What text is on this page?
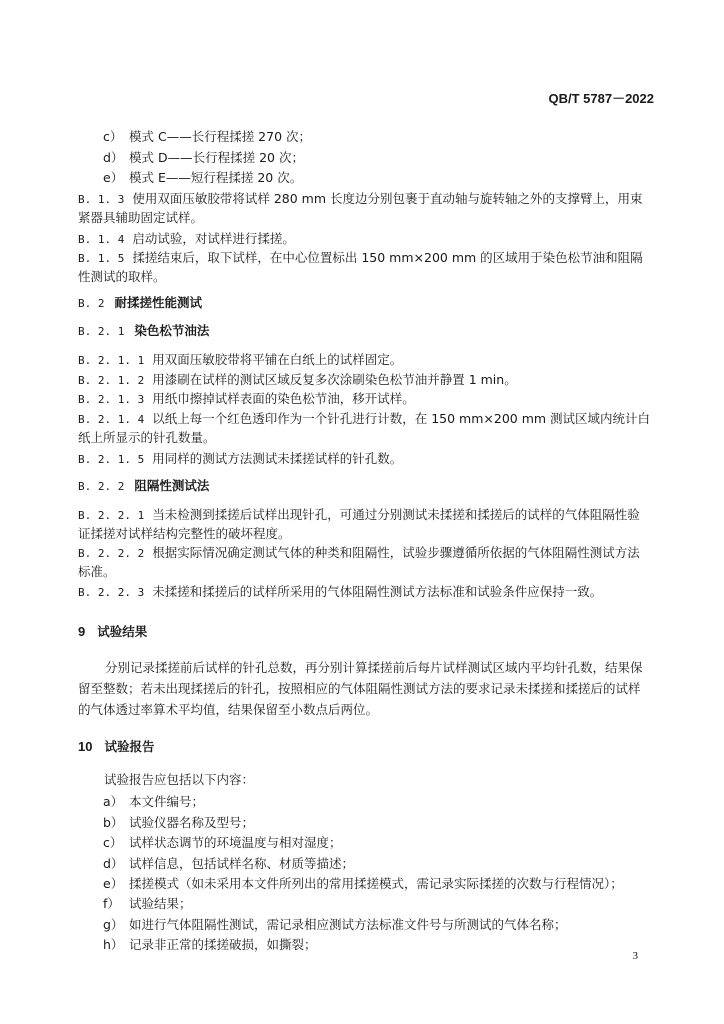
QB/T 5787－2022
c） 模式 C——长行程揉搓 270 次；
d） 模式 D——长行程揉搓 20 次；
e） 模式 E——短行程揉搓 20 次。
B. 1. 3 使用双面压敏胶带将试样 280 mm 长度边分别包裹于直动轴与旋转轴之外的支撑臂上，用束紧器具辅助固定试样。
B. 1. 4 启动试验，对试样进行揉搓。
B. 1. 5 揉搓结束后，取下试样，在中心位置标出 150 mm×200 mm 的区域用于染色松节油和阻隔性测试的取样。
B. 2 耐揉搓性能测试
B. 2. 1 染色松节油法
B. 2. 1. 1 用双面压敏胶带将平铺在白纸上的试样固定。
B. 2. 1. 2 用漆刷在试样的测试区域反复多次涂刷染色松节油并静置 1 min。
B. 2. 1. 3 用纸巾擦掉试样表面的染色松节油，移开试样。
B. 2. 1. 4 以纸上每一个红色透印作为一个针孔进行计数，在 150 mm×200 mm 测试区域内统计白纸上所显示的针孔数量。
B. 2. 1. 5 用同样的测试方法测试未揉搓试样的针孔数。
B. 2. 2 阻隔性测试法
B. 2. 2. 1 当未检测到揉搓后试样出现针孔，可通过分别测试未揉搓和揉搓后的试样的气体阻隔性验证揉搓对试样结构完整性的破坏程度。
B. 2. 2. 2 根据实际情况确定测试气体的种类和阻隔性，试验步骤遵循所依据的气体阻隔性测试方法标准。
B. 2. 2. 3 未揉搓和揉搓后的试样所采用的气体阻隔性测试方法标准和试验条件应保持一致。
9 试验结果
分别记录揉搓前后试样的针孔总数，再分别计算揉搓前后每片试样测试区域内平均针孔数，结果保留至整数；若未出现揉搓后的针孔，按照相应的气体阻隔性测试方法的要求记录未揉搓和揉搓后的试样的气体透过率算术平均值，结果保留至小数点后两位。
10 试验报告
试验报告应包括以下内容：
a） 本文件编号；
b） 试验仪器名称及型号；
c） 试样状态调节的环境温度与相对湿度；
d） 试样信息，包括试样名称、材质等描述；
e） 揉搓模式（如未采用本文件所列出的常用揉搓模式，需记录实际揉搓的次数与行程情况）；
f） 试验结果；
g） 如进行气体阻隔性测试，需记录相应测试方法标准文件号与所测试的气体名称；
h） 记录非正常的揉搓破损，如撕裂；
3
